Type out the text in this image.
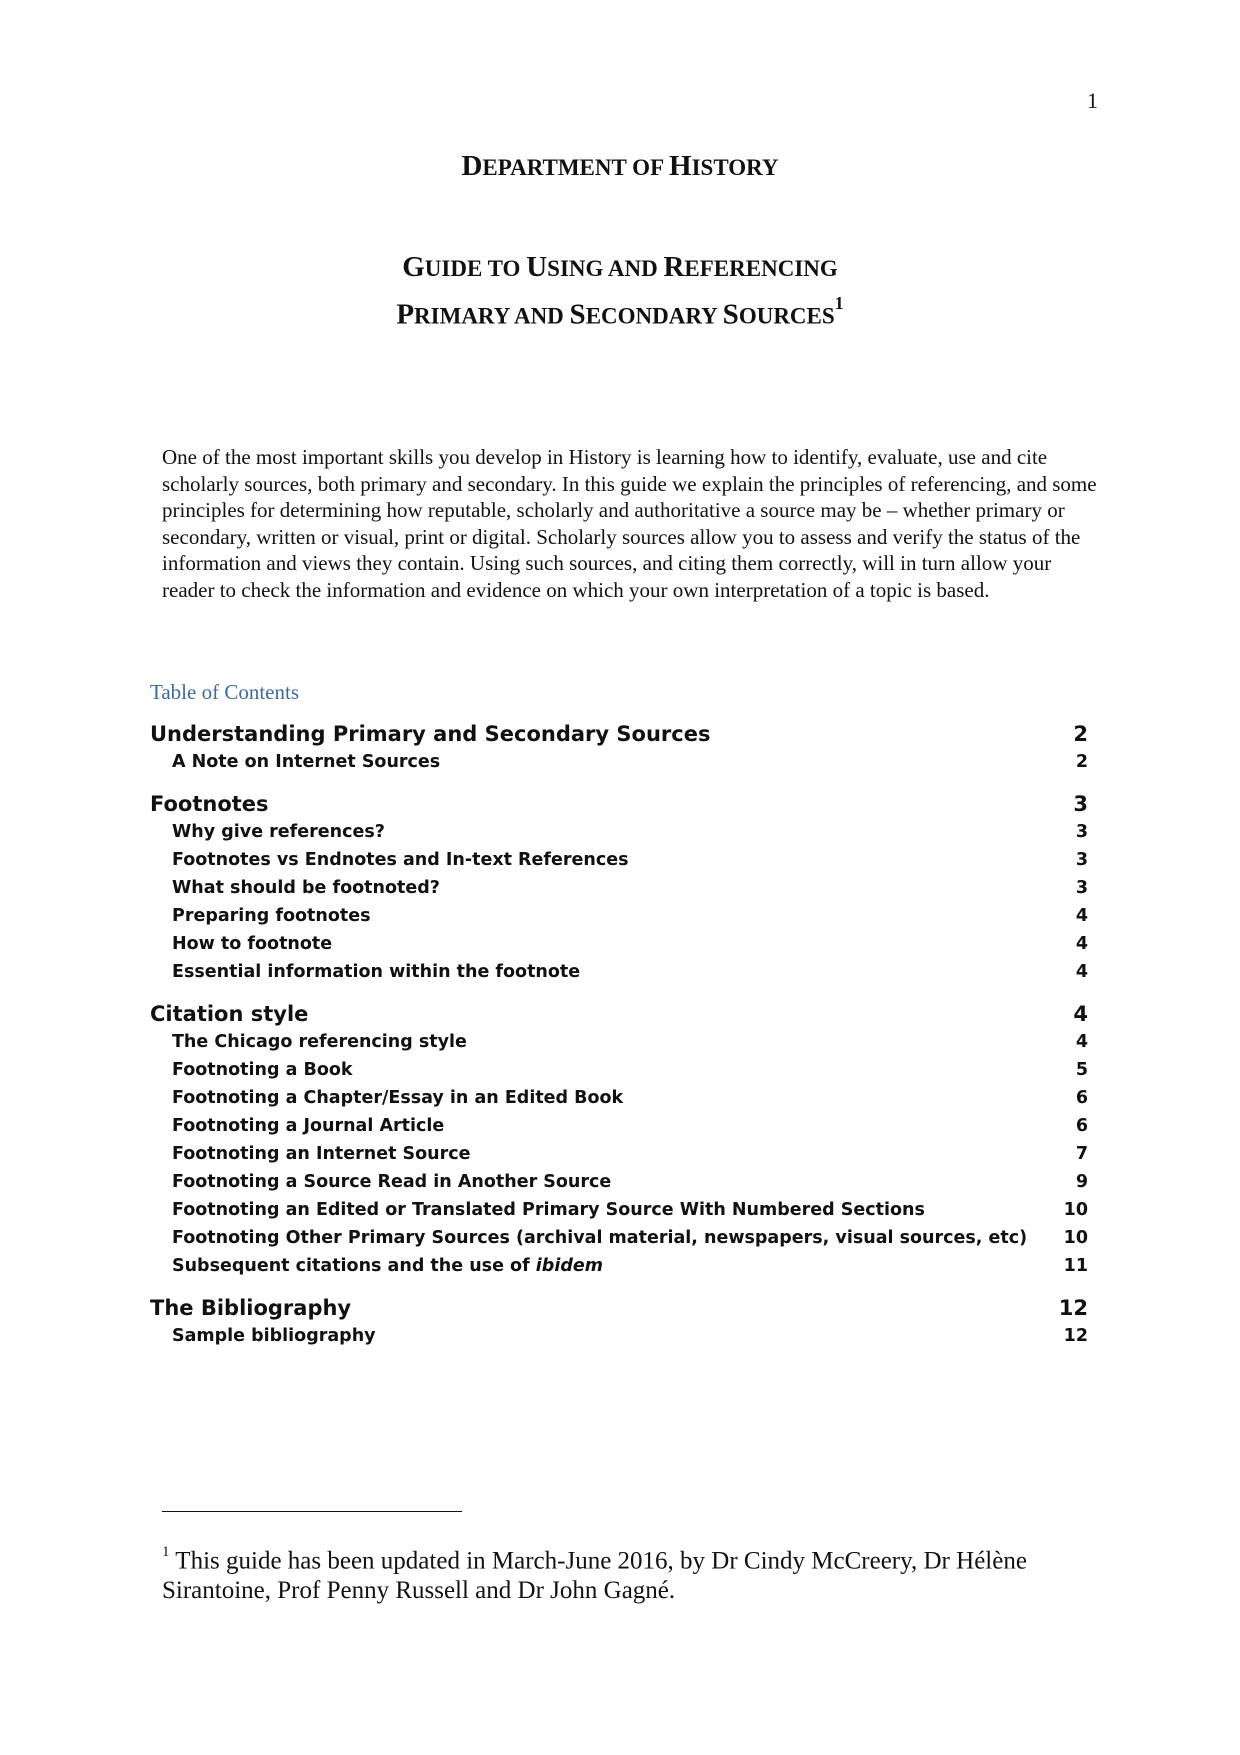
1
DEPARTMENT OF HISTORY
GUIDE TO USING AND REFERENCING
PRIMARY AND SECONDARY SOURCES$^1$

One of the most important skills you develop in History is learning how to identify, evaluate, use and cite scholarly sources, both primary and secondary. In this guide we explain the principles of referencing, and some principles for determining how reputable, scholarly and authoritative a source may be – whether primary or secondary, written or visual, print or digital. Scholarly sources allow you to assess and verify the status of the information and views they contain. Using such sources, and citing them correctly, will in turn allow your reader to check the information and evidence on which your own interpretation of a topic is based.

Table of Contents
Understanding Primary and Secondary Sources	2
A Note on Internet Sources	2
Footnotes	3
Why give references?	3
Footnotes vs Endnotes and In-text References	3
What should be footnoted?	3
Preparing footnotes	4
How to footnote	4
Essential information within the footnote	4
Citation style	4
The Chicago referencing style	4
Footnoting a Book	5
Footnoting a Chapter/Essay in an Edited Book	6
Footnoting a Journal Article	6
Footnoting an Internet Source	7
Footnoting a Source Read in Another Source	9
Footnoting an Edited or Translated Primary Source With Numbered Sections	10
Footnoting Other Primary Sources (archival material, newspapers, visual sources, etc)	10
Subsequent citations and the use of ibidem	11
The Bibliography	12
Sample bibliography	12

$^1$ This guide has been updated in March-June 2016, by Dr Cindy McCreery, Dr Hélène Sirantoine, Prof Penny Russell and Dr John Gagné.
